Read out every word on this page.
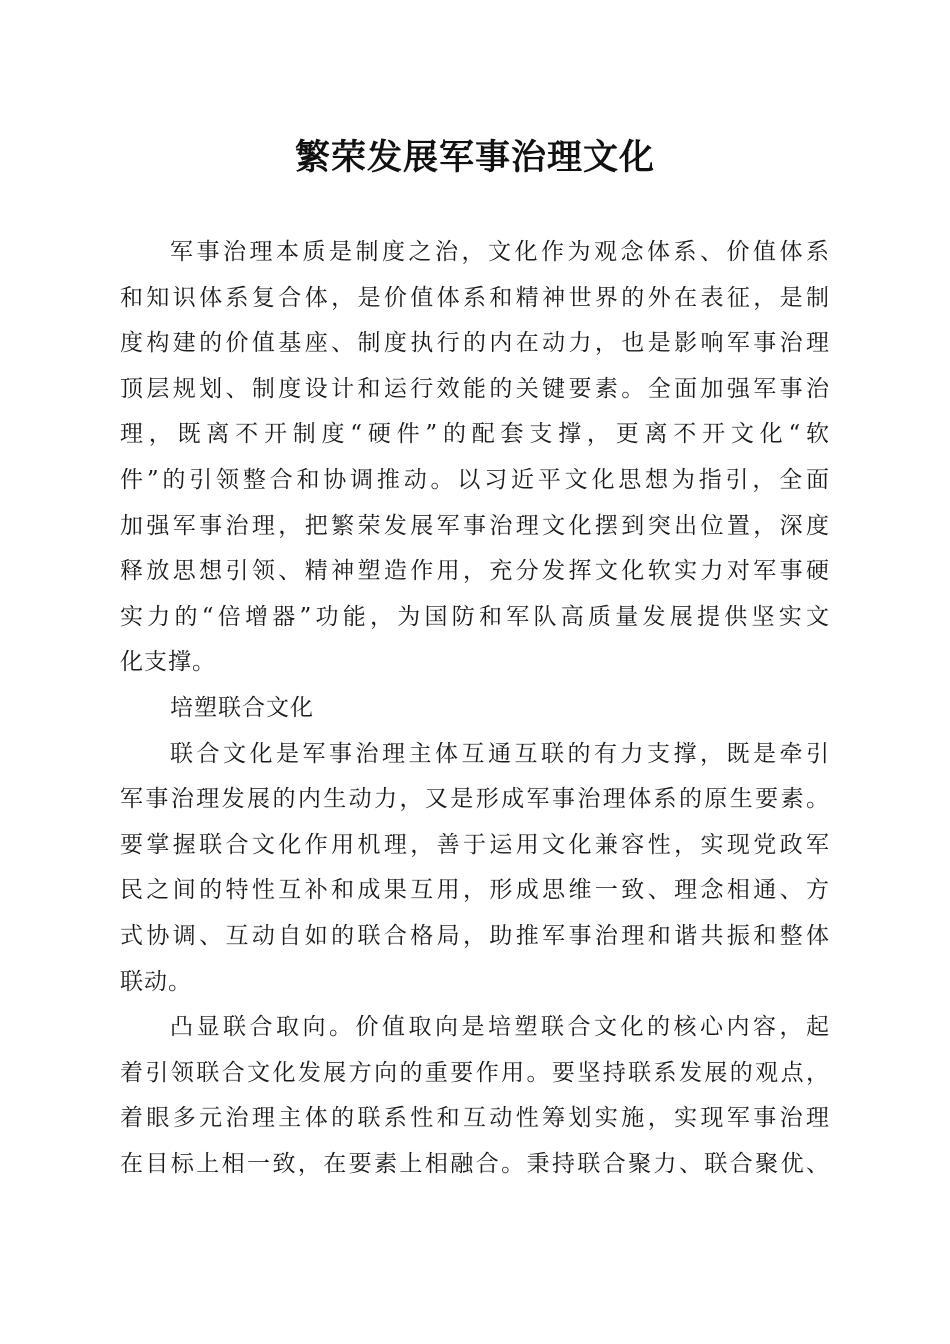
繁荣发展军事治理文化
军事治理本质是制度之治，文化作为观念体系、价值体系
和知识体系复合体，是价值体系和精神世界的外在表征，是制
度构建的价值基座、制度执行的内在动力，也是影响军事治理
顶层规划、制度设计和运行效能的关键要素。全面加强军事治
理，既离不开制度“硬件”的配套支撑，更离不开文化“软
件”的引领整合和协调推动。以习近平文化思想为指引，全面
加强军事治理，把繁荣发展军事治理文化摆到突出位置，深度
释放思想引领、精神塑造作用，充分发挥文化软实力对军事硬
实力的“倍增器”功能，为国防和军队高质量发展提供坚实文
化支撑。
培塑联合文化
联合文化是军事治理主体互通互联的有力支撑，既是牵引
军事治理发展的内生动力，又是形成军事治理体系的原生要素。
要掌握联合文化作用机理，善于运用文化兼容性，实现党政军
民之间的特性互补和成果互用，形成思维一致、理念相通、方
式协调、互动自如的联合格局，助推军事治理和谐共振和整体
联动。
凸显联合取向。价值取向是培塑联合文化的核心内容，起
着引领联合文化发展方向的重要作用。要坚持联系发展的观点，
着眼多元治理主体的联系性和互动性筹划实施，实现军事治理
在目标上相一致，在要素上相融合。秉持联合聚力、联合聚优、
